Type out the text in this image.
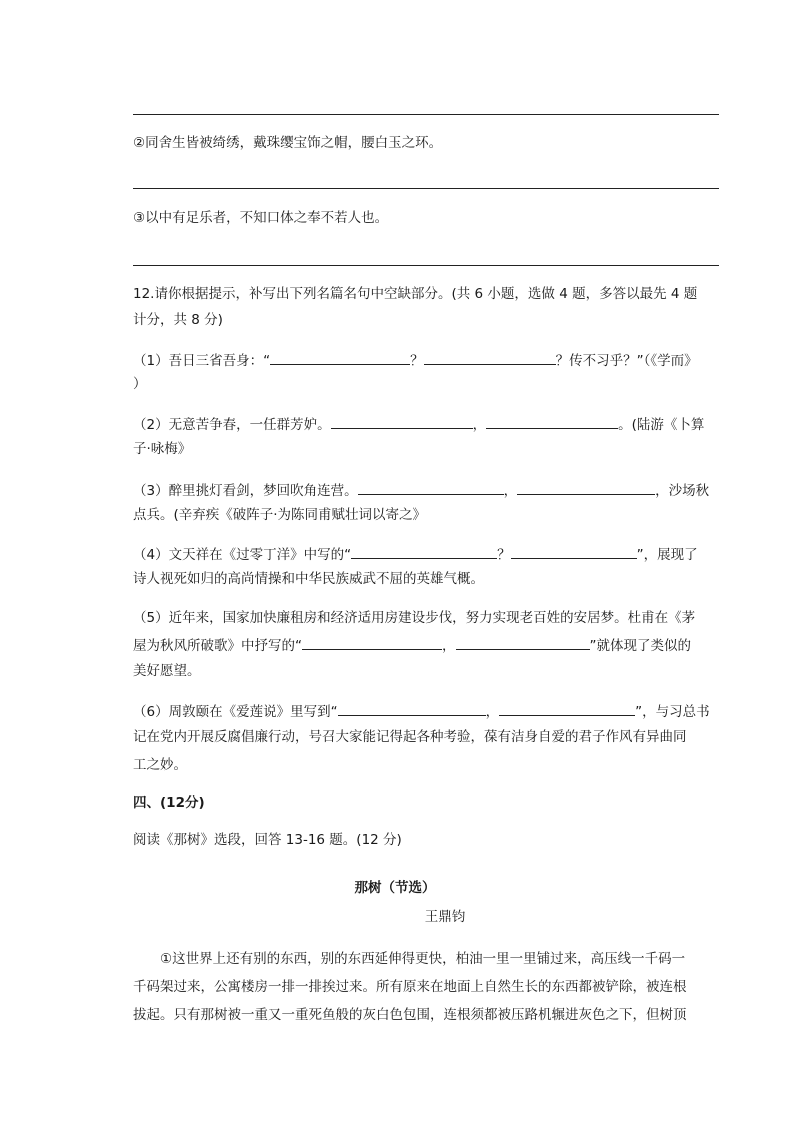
②同舍生皆被绮绣，戴珠缨宝饰之帽，腰白玉之环。
③以中有足乐者，不知口体之奉不若人也。
12.请你根据提示，补写出下列名篇名句中空缺部分。(共 6 小题，选做 4 题，多答以最先 4 题
计分，共 8 分)
（1）吾日三省吾身：“	？	？传不习乎？”（《学而》
）
（2）无意苦争春，一任群芳妒。	，	。(陆游《卜算
子·咏梅》
（3）醉里挑灯看剑，梦回吹角连营。	，	，沙场秋
点兵。(辛弃疾《破阵子·为陈同甫赋壮词以寄之》
（4）文天祥在《过零丁洋》中写的“	？	”，展现了
诗人视死如归的高尚情操和中华民族威武不屈的英雄气概。
（5）近年来，国家加快廉租房和经济适用房建设步伐，努力实现老百姓的安居梦。杜甫在《茅
屋为秋风所破歌》中抒写的“	，	”就体现了类似的
美好愿望。
（6）周敦颐在《爱莲说》里写到“	，	”，与习总书
记在党内开展反腐倡廉行动，号召大家能记得起各种考验，葆有洁身自爱的君子作风有异曲同
工之妙。
四、(12分)
阅读《那树》选段，回答 13-16 题。(12 分)
那树（节选）
王鼎钧
①这世界上还有别的东西，别的东西延伸得更快，柏油一里一里铺过来，高压线一千码一
千码架过来，公寓楼房一排一排挨过来。所有原来在地面上自然生长的东西都被铲除，被连根
拔起。只有那树被一重又一重死鱼般的灰白色包围，连根须都被压路机辗进灰色之下，但树顶
